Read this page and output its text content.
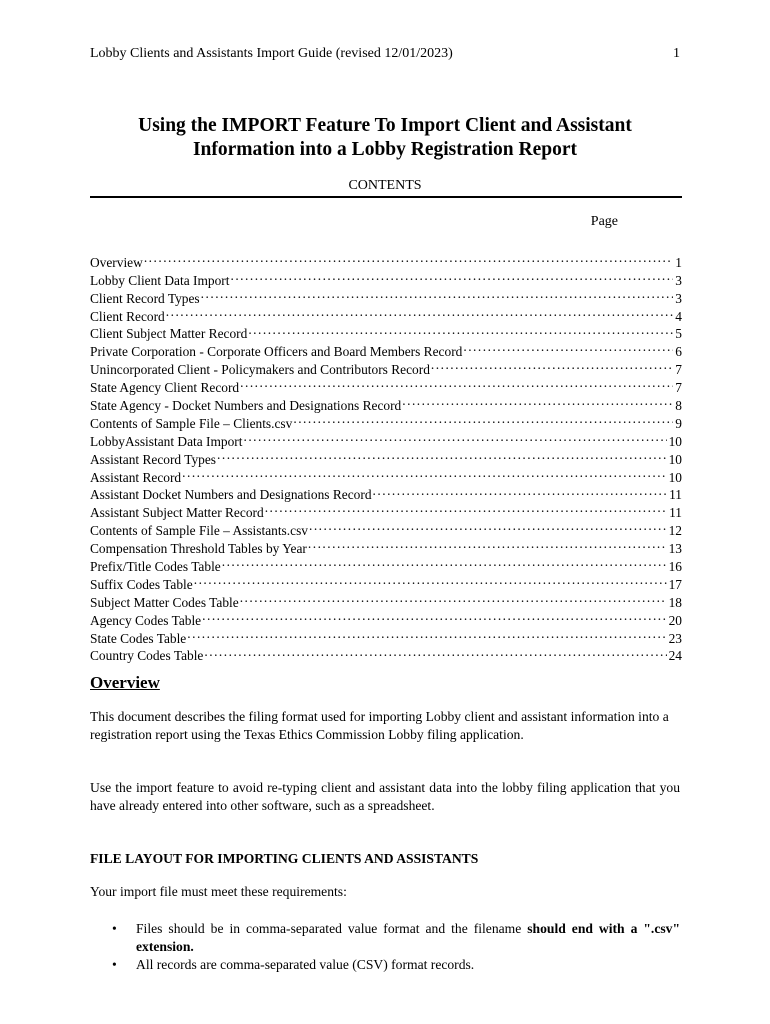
Lobby Clients and Assistants Import Guide (revised 12/01/2023)	1
Using the IMPORT Feature To Import Client and Assistant
Information into a Lobby Registration Report
CONTENTS
Page
Overview .....	1
Lobby Client Data Import .....	3
Client Record Types .....	3
Client Record .....	4
Client Subject Matter Record .....	5
Private Corporation - Corporate Officers and Board Members Record .....	6
Unincorporated Client - Policymakers and Contributors Record .....	7
State Agency Client Record .....	7
State Agency - Docket Numbers and Designations Record .....	8
Contents of Sample File – Clients.csv .....	9
LobbyAssistant Data Import .....	10
Assistant Record Types .....	10
Assistant Record .....	10
Assistant Docket Numbers and Designations Record .....	11
Assistant Subject Matter Record .....	11
Contents of Sample File – Assistants.csv .....	12
Compensation Threshold Tables by Year .....	13
Prefix/Title Codes Table .....	16
Suffix Codes Table .....	17
Subject Matter Codes Table .....	18
Agency Codes Table .....	20
State Codes Table .....	23
Country Codes Table .....	24
Overview
This document describes the filing format used for importing Lobby client and assistant information into a registration report using the Texas Ethics Commission Lobby filing application.
Use the import feature to avoid re-typing client and assistant data into the lobby filing application that you have already entered into other software, such as a spreadsheet.
FILE LAYOUT FOR IMPORTING CLIENTS AND ASSISTANTS
Your import file must meet these requirements:
• Files should be in comma-separated value format and the filename should end with a ".csv" extension.
• All records are comma-separated value (CSV) format records.
